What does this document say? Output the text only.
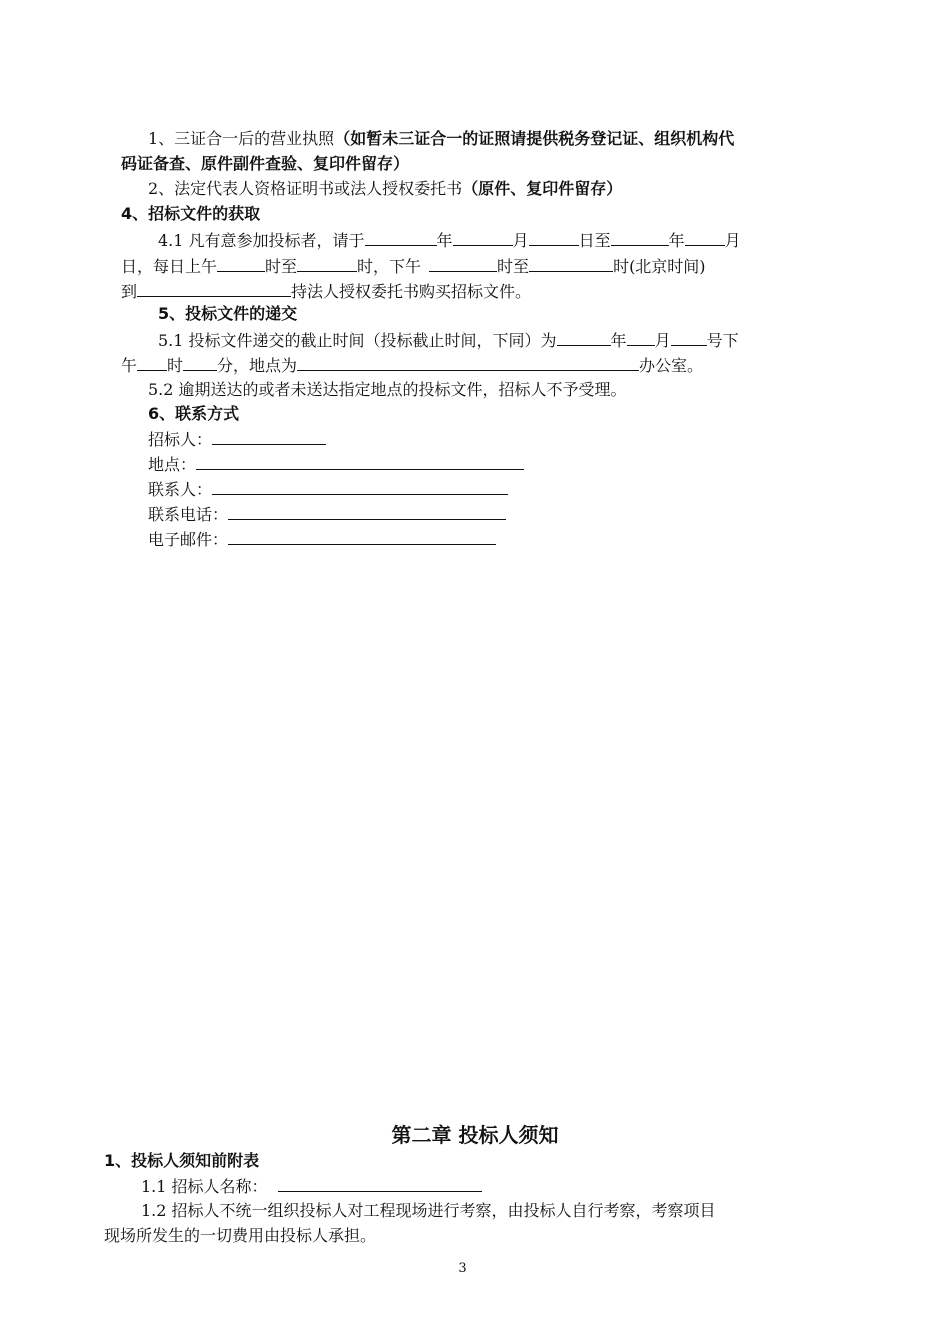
1、三证合一后的营业执照（如暂未三证合一的证照请提供税务登记证、组织机构代
码证备查、原件副件查验、复印件留存）
2、法定代表人资格证明书或法人授权委托书（原件、复印件留存）
4、招标文件的获取
4.1 凡有意参加投标者，请于	年	月	日至	年	月
日，每日上午	时至	时，下午	时至	时(北京时间)
到	持法人授权委托书购买招标文件。
5、投标文件的递交
5.1 投标文件递交的截止时间（投标截止时间，下同）为	年 月 号下
午 时 分，地点为	办公室。
5.2 逾期送达的或者未送达指定地点的投标文件，招标人不予受理。
6、联系方式
招标人：
地点：
联系人：
联系电话：
电子邮件：
第二章 投标人须知
1、投标人须知前附表
1.1 招标人名称：
1.2 招标人不统一组织投标人对工程现场进行考察，由投标人自行考察，考察项目
现场所发生的一切费用由投标人承担。
3
